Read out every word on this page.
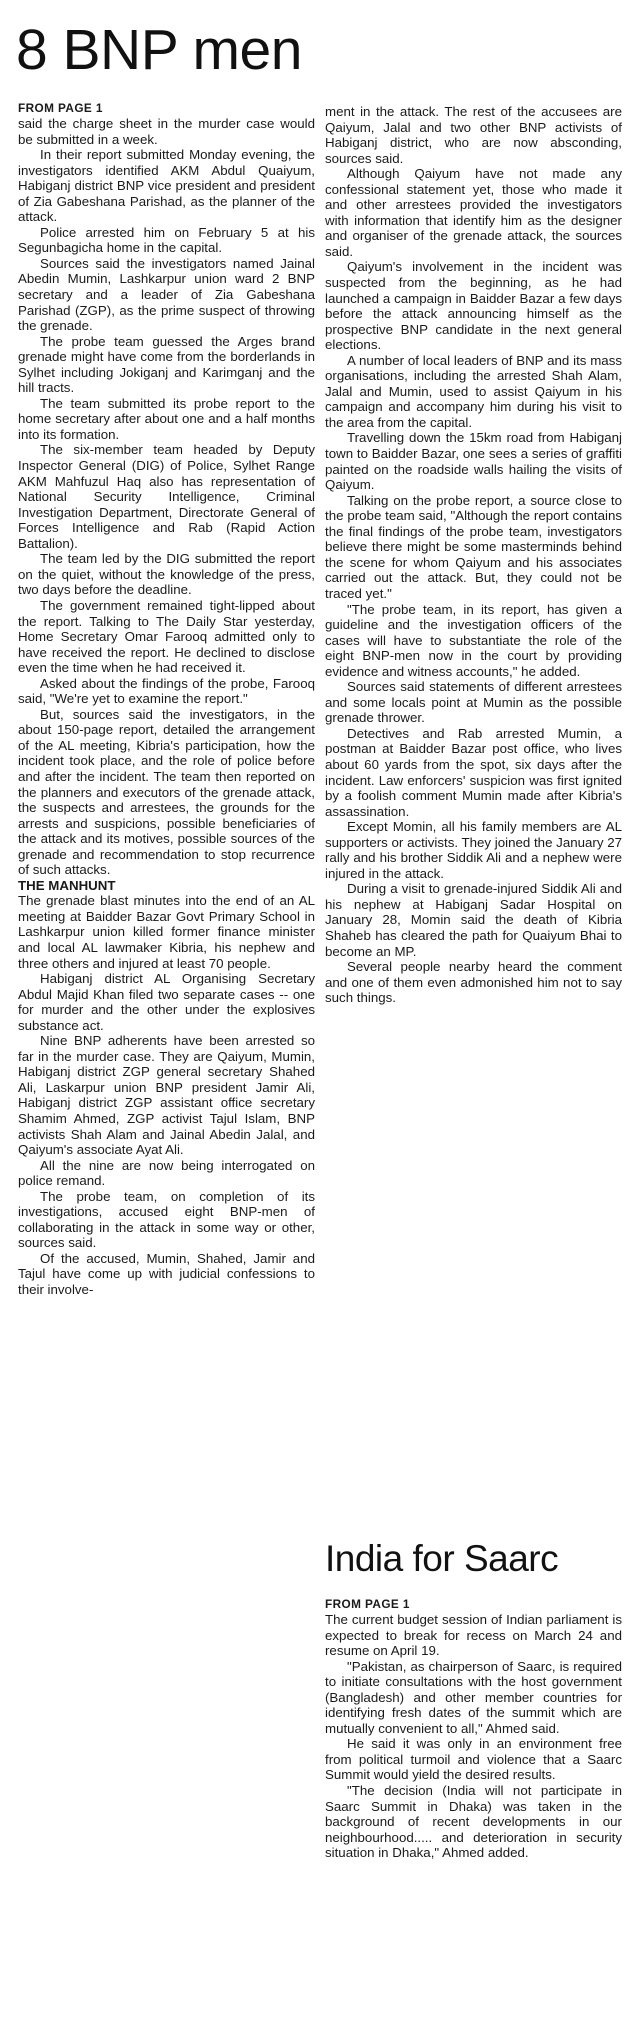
8 BNP men
FROM PAGE 1

said the charge sheet in the murder case would be submitted in a week.

In their report submitted Monday evening, the investigators identified AKM Abdul Quaiyum, Habiganj district BNP vice president and president of Zia Gabeshana Parishad, as the planner of the attack.

Police arrested him on February 5 at his Segunbagicha home in the capital.

Sources said the investigators named Jainal Abedin Mumin, Lashkarpur union ward 2 BNP secretary and a leader of Zia Gabeshana Parishad (ZGP), as the prime suspect of throwing the grenade.

The probe team guessed the Arges brand grenade might have come from the borderlands in Sylhet including Jokiganj and Karimganj and the hill tracts.

The team submitted its probe report to the home secretary after about one and a half months into its formation.

The six-member team headed by Deputy Inspector General (DIG) of Police, Sylhet Range AKM Mahfuzul Haq also has representation of National Security Intelligence, Criminal Investigation Department, Directorate General of Forces Intelligence and Rab (Rapid Action Battalion).

The team led by the DIG submitted the report on the quiet, without the knowledge of the press, two days before the deadline.

The government remained tight-lipped about the report. Talking to The Daily Star yesterday, Home Secretary Omar Farooq admitted only to have received the report. He declined to disclose even the time when he had received it.

Asked about the findings of the probe, Farooq said, "We're yet to examine the report."

But, sources said the investigators, in the about 150-page report, detailed the arrangement of the AL meeting, Kibria's participation, how the incident took place, and the role of police before and after the incident. The team then reported on the planners and executors of the grenade attack, the suspects and arrestees, the grounds for the arrests and suspicions, possible beneficiaries of the attack and its motives, possible sources of the grenade and recommendation to stop recurrence of such attacks.

THE MANHUNT

The grenade blast minutes into the end of an AL meeting at Baidder Bazar Govt Primary School in Lashkarpur union killed former finance minister and local AL lawmaker Kibria, his nephew and three others and injured at least 70 people.

Habiganj district AL Organising Secretary Abdul Majid Khan filed two separate cases -- one for murder and the other under the explosives substance act.

Nine BNP adherents have been arrested so far in the murder case. They are Qaiyum, Mumin, Habiganj district ZGP general secretary Shahed Ali, Laskarpur union BNP president Jamir Ali, Habiganj district ZGP assistant office secretary Shamim Ahmed, ZGP activist Tajul Islam, BNP activists Shah Alam and Jainal Abedin Jalal, and Qaiyum's associate Ayat Ali.

All the nine are now being interrogated on police remand.

The probe team, on completion of its investigations, accused eight BNP-men of collaborating in the attack in some way or other, sources said.

Of the accused, Mumin, Shahed, Jamir and Tajul have come up with judicial confessions to their involve-

ment in the attack. The rest of the accusees are Qaiyum, Jalal and two other BNP activists of Habiganj district, who are now absconding, sources said.

Although Qaiyum have not made any confessional statement yet, those who made it and other arrestees provided the investigators with information that identify him as the designer and organiser of the grenade attack, the sources said.

Qaiyum's involvement in the incident was suspected from the beginning, as he had launched a campaign in Baidder Bazar a few days before the attack announcing himself as the prospective BNP candidate in the next general elections.

A number of local leaders of BNP and its mass organisations, including the arrested Shah Alam, Jalal and Mumin, used to assist Qaiyum in his campaign and accompany him during his visit to the area from the capital.

Travelling down the 15km road from Habiganj town to Baidder Bazar, one sees a series of graffiti painted on the roadside walls hailing the visits of Qaiyum.

Talking on the probe report, a source close to the probe team said, "Although the report contains the final findings of the probe team, investigators believe there might be some masterminds behind the scene for whom Qaiyum and his associates carried out the attack. But, they could not be traced yet."

"The probe team, in its report, has given a guideline and the investigation officers of the cases will have to substantiate the role of the eight BNP-men now in the court by providing evidence and witness accounts," he added.

Sources said statements of different arrestees and some locals point at Mumin as the possible grenade thrower.

Detectives and Rab arrested Mumin, a postman at Baidder Bazar post office, who lives about 60 yards from the spot, six days after the incident. Law enforcers' suspicion was first ignited by a foolish comment Mumin made after Kibria's assassination.

Except Momin, all his family members are AL supporters or activists. They joined the January 27 rally and his brother Siddik Ali and a nephew were injured in the attack.

During a visit to grenade-injured Siddik Ali and his nephew at Habiganj Sadar Hospital on January 28, Momin said the death of Kibria Shaheb has cleared the path for Quaiyum Bhai to become an MP.

Several people nearby heard the comment and one of them even admonished him not to say such things.

India for Saarc
FROM PAGE 1

The current budget session of Indian parliament is expected to break for recess on March 24 and resume on April 19.

"Pakistan, as chairperson of Saarc, is required to initiate consultations with the host government (Bangladesh) and other member countries for identifying fresh dates of the summit which are mutually convenient to all," Ahmed said.

He said it was only in an environment free from political turmoil and violence that a Saarc Summit would yield the desired results.

"The decision (India will not participate in Saarc Summit in Dhaka) was taken in the background of recent developments in our neighbourhood..... and deterioration in security situation in Dhaka," Ahmed added.
